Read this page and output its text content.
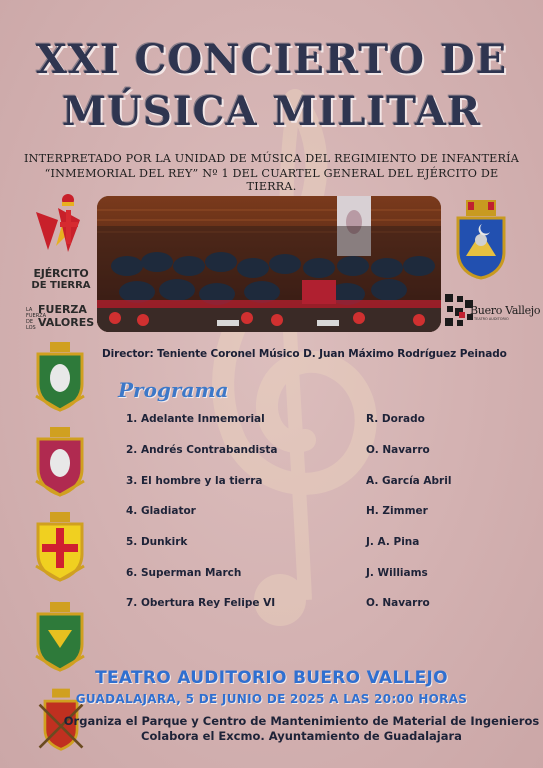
XXI CONCIERTO DE
MÚSICA MILITAR
INTERPRETADO POR LA UNIDAD DE MÚSICA DEL REGIMIENTO DE INFANTERÍA
“INMEMORIAL DEL REY” Nº 1 DEL CUARTEL GENERAL DEL EJÉRCITO DE TIERRA.
EJÉRCITO
DE TIERRA
LA FUERZA DE LOS
FUERZA
VALORES
Buero Vallejo
TEATRO AUDITORIO
Director: Teniente Coronel Músico D. Juan Máximo Rodríguez Peinado
Programa
1. Adelante Inmemorial	R. Dorado
2. Andrés Contrabandista	O. Navarro
3. El hombre y la tierra	A. García Abril
4. Gladiator	H. Zimmer
5. Dunkirk	J. A. Pina
6. Superman March	J. Williams
7. Obertura Rey Felipe VI	O. Navarro
TEATRO AUDITORIO BUERO VALLEJO
GUADALAJARA, 5 DE JUNIO DE 2025 A LAS 20:00 HORAS
Organiza el Parque y Centro de Mantenimiento de Material de Ingenieros
Colabora el Excmo. Ayuntamiento de Guadalajara
